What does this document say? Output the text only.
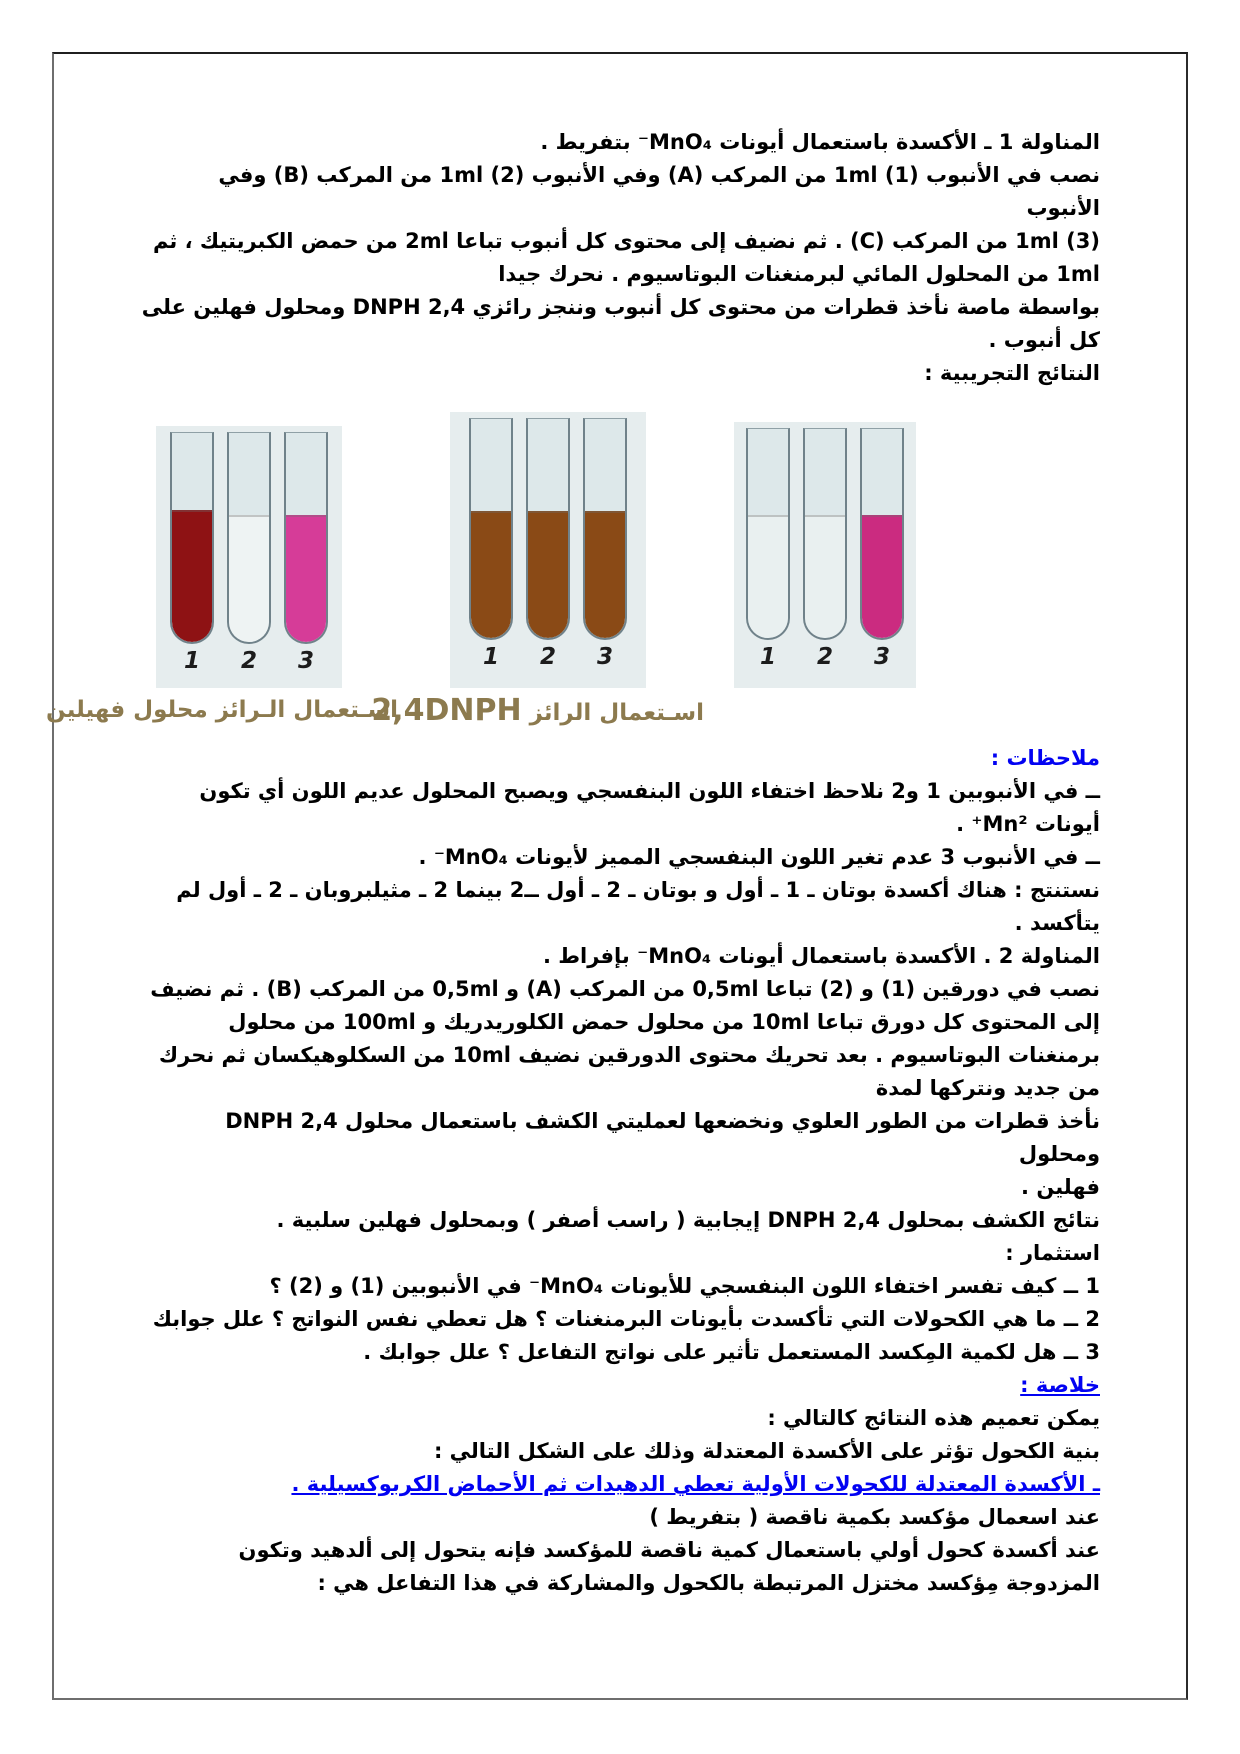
المناولة 1 ـ الأكسدة باستعمال أيونات MnO₄⁻ بتفريط .
نصب في الأنبوب (1) 1ml من المركب (A) وفي الأنبوب (2) 1ml من المركب (B) وفي الأنبوب
(3) 1ml من المركب (C) . ثم نضيف إلى محتوى كل أنبوب تباعا 2ml من حمض الكبريتيك ، ثم
1ml من المحلول المائي لبرمنغنات البوتاسيوم . نحرك جيدا
بواسطة ماصة نأخذ قطرات من محتوى كل أنبوب وننجز رائزي 2,4 DNPH ومحلول فهلين على
كل أنبوب .
النتائج التجريبية :
1 2 3	1 2 3	1 2 3
اسـتعمال الـرائز محلول فهيلين	اسـتعمال الرائز 2,4DNPH
ملاحظات :
ــ في الأنبوبين 1 و2 نلاحظ اختفاء اللون البنفسجي ويصبح المحلول عديم اللون أي تكون
أيونات Mn²⁺ .
ــ في الأنبوب 3 عدم تغير اللون البنفسجي المميز لأيونات MnO₄⁻ .
نستنتج : هناك أكسدة بوتان ـ 1 ـ أول و بوتان ـ 2 ـ أول ــ2 بينما 2 ـ مثيلبروبان ـ 2 ـ أول لم
يتأكسد .
المناولة 2 . الأكسدة باستعمال أيونات MnO₄⁻ بإفراط .
نصب في دورقين (1) و (2) تباعا 0,5ml من المركب (A) و 0,5ml من المركب (B) . ثم نضيف
إلى المحتوى كل دورق تباعا 10ml من محلول حمض الكلوريدريك و 100ml من محلول
برمنغنات البوتاسيوم . بعد تحريك محتوى الدورقين نضيف 10ml من السكلوهيكسان ثم نحرك
من جديد ونتركها لمدة
نأخذ قطرات من الطور العلوي ونخضعها لعمليتي الكشف باستعمال محلول 2,4 DNPH ومحلول
فهلين .
نتائج الكشف بمحلول 2,4 DNPH إيجابية ( راسب أصفر ) وبمحلول فهلين سلبية .
استثمار :
1 ــ كيف تفسر اختفاء اللون البنفسجي للأيونات MnO₄⁻ في الأنبوبين (1) و (2) ؟
2 ــ ما هي الكحولات التي تأكسدت بأيونات البرمنغنات ؟ هل تعطي نفس النواتج ؟ علل جوابك
3 ــ هل لكمية المِكسد المستعمل تأثير على نواتج التفاعل ؟ علل جوابك .
خلاصة :
يمكن تعميم هذه النتائج كالتالي :
بنية الكحول تؤثر على الأكسدة المعتدلة وذلك على الشكل التالي :
ـ الأكسدة المعتدلة للكحولات الأولية تعطي الدهيدات ثم الأحماض الكربوكسيلية .
عند اسعمال مؤكسد بكمية ناقصة ( بتفريط )
عند أكسدة كحول أولي باستعمال كمية ناقصة للمؤكسد فإنه يتحول إلى ألدهيد وتكون
المزدوجة مِؤكسد مختزل المرتبطة بالكحول والمشاركة في هذا التفاعل هي :
